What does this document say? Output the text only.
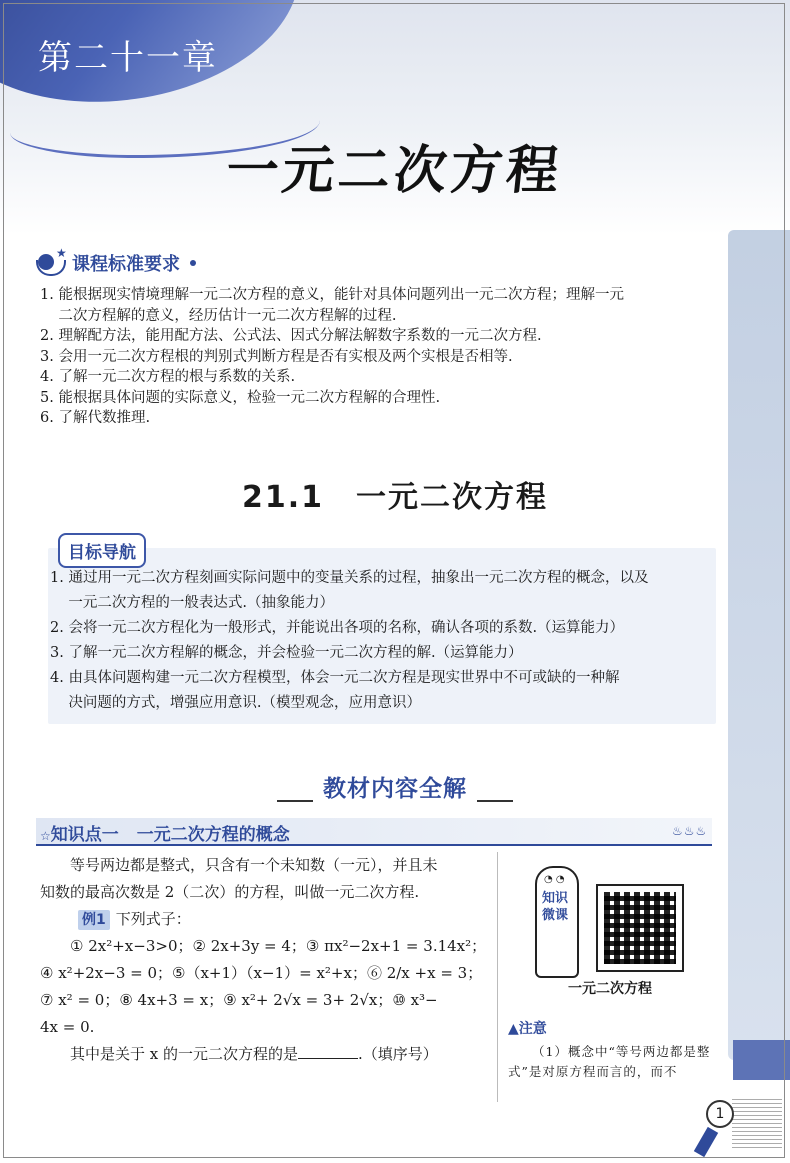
第二十一章
一元二次方程
★
课程标准要求
1. 能根据现实情境理解一元二次方程的意义，能针对具体问题列出一元二次方程；理解一元
二次方程解的意义，经历估计一元二次方程解的过程.
2. 理解配方法，能用配方法、公式法、因式分解法解数字系数的一元二次方程.
3. 会用一元二次方程根的判别式判断方程是否有实根及两个实根是否相等.
4. 了解一元二次方程的根与系数的关系.
5. 能根据具体问题的实际意义，检验一元二次方程解的合理性.
6. 了解代数推理.
21.1　一元二次方程
目标导航
1. 通过用一元二次方程刻画实际问题中的变量关系的过程，抽象出一元二次方程的概念，以及
一元二次方程的一般表达式.（抽象能力）
2. 会将一元二次方程化为一般形式，并能说出各项的名称，确认各项的系数.（运算能力）
3. 了解一元二次方程解的概念，并会检验一元二次方程的解.（运算能力）
4. 由具体问题构建一元二次方程模型，体会一元二次方程是现实世界中不可或缺的一种解
决问题的方式，增强应用意识.（模型观念，应用意识）
教材内容全解
☆知识点一 一元二次方程的概念	♨♨♨

等号两边都是整式，只含有一个未知数（一元），并且未

知数的最高次数是 2（二次）的方程，叫做一元二次方程.

例1 下列式子：

① 2x²+x−3>0；② 2x+3y = 4；③ πx²−2x+1 = 3.14x²；

④ x²+2x−3 = 0；⑤（x+1）（x−1）= x²+x；⑥ 2/x +x = 3；

⑦ x² = 0；⑧ 4x+3 = x；⑨ x²+ 2√x = 3+ 2√x；⑩ x³−

4x = 0.

其中是关于 x 的一元二次方程的是	.（填序号）

◔ ◔
知识微课
一元二次方程
▲注意
（1）概念中“等号两边都是整式”是对原方程而言的，而不
1
